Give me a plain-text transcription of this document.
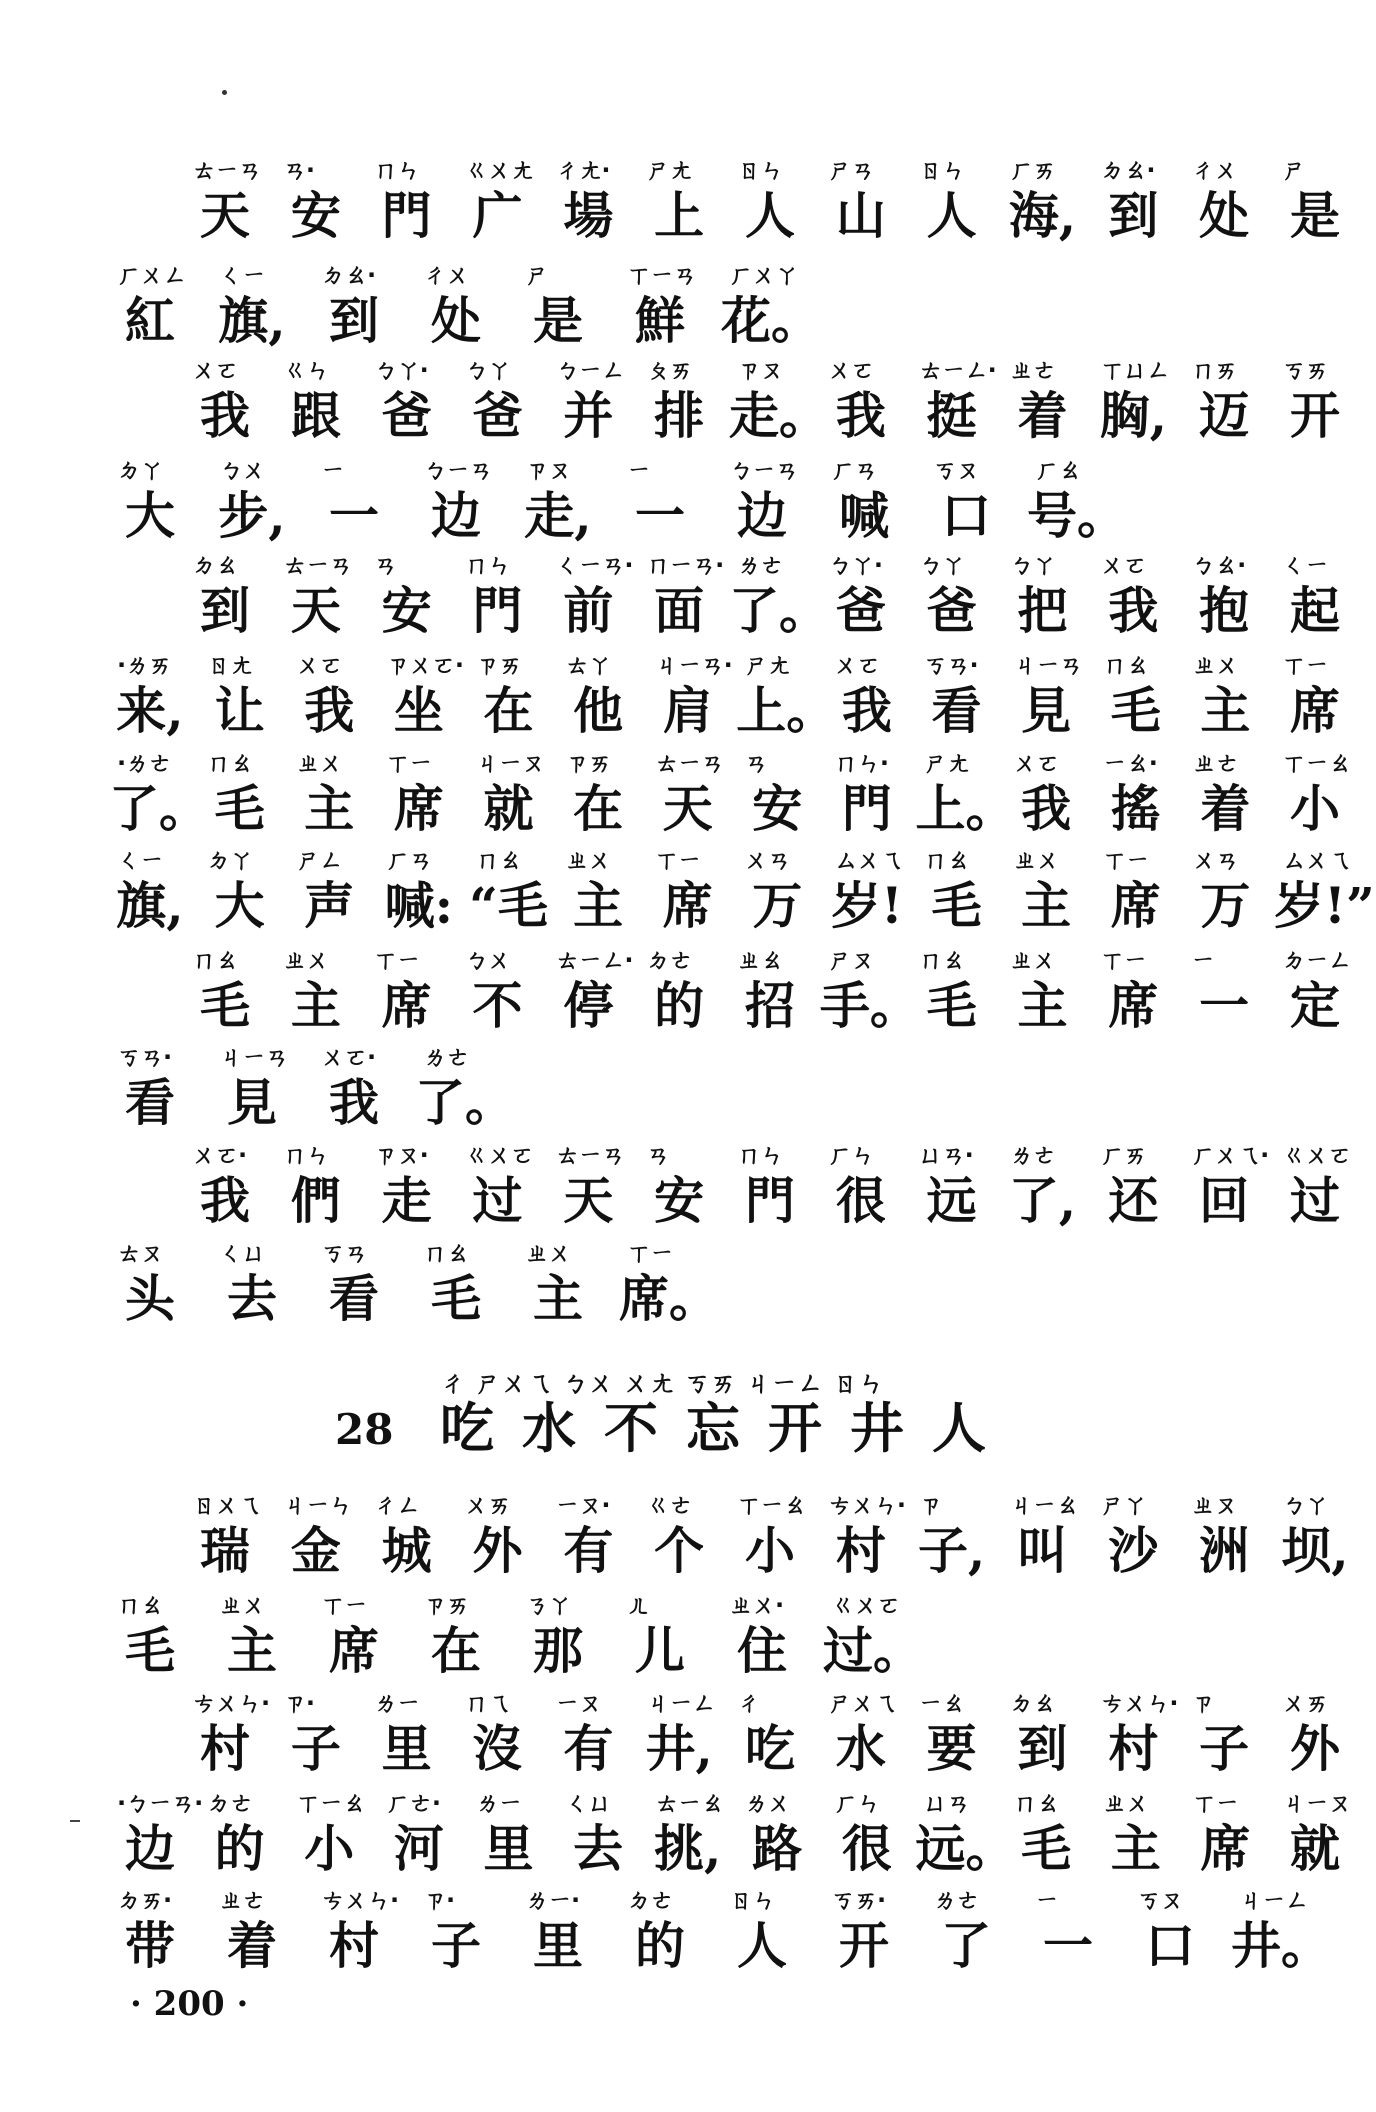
ㄊㄧㄢ
天
ㄢ·
安
ㄇㄣ
門
ㄍㄨㄤ
广
ㄔㄤ·
場
ㄕㄤ
上
ㄖㄣ
人
ㄕㄢ
山
ㄖㄣ
人
ㄏㄞ
海,
ㄉㄠ·
到
ㄔㄨ
处
ㄕ
是
ㄏㄨㄥ
紅
ㄑㄧ
旗,
ㄉㄠ·
到
ㄔㄨ
处
ㄕ
是
ㄒㄧㄢ
鮮
ㄏㄨㄚ
花。
ㄨㄛ
我
ㄍㄣ
跟
ㄅㄚ·
爸
ㄅㄚ
爸
ㄅㄧㄥ
并
ㄆㄞ
排
ㄗㄡ
走。
ㄨㄛ
我
ㄊㄧㄥ·
挺
ㄓㄜ
着
ㄒㄩㄥ
胸,
ㄇㄞ
迈
ㄎㄞ
开
ㄉㄚ
大
ㄅㄨ
步,
ㄧ
一
ㄅㄧㄢ
边
ㄗㄡ
走,
ㄧ
一
ㄅㄧㄢ
边
ㄏㄢ
喊
ㄎㄡ
口
ㄏㄠ
号。
ㄉㄠ
到
ㄊㄧㄢ
天
ㄢ
安
ㄇㄣ
門
ㄑㄧㄢ·
前
ㄇㄧㄢ·
面
ㄌㄜ
了。
ㄅㄚ·
爸
ㄅㄚ
爸
ㄅㄚ
把
ㄨㄛ
我
ㄅㄠ·
抱
ㄑㄧ
起
·ㄌㄞ
来,
ㄖㄤ
让
ㄨㄛ
我
ㄗㄨㄛ·
坐
ㄗㄞ
在
ㄊㄚ
他
ㄐㄧㄢ·
肩
ㄕㄤ
上。
ㄨㄛ
我
ㄎㄢ·
看
ㄐㄧㄢ
見
ㄇㄠ
毛
ㄓㄨ
主
ㄒㄧ
席
·ㄌㄜ
了。
ㄇㄠ
毛
ㄓㄨ
主
ㄒㄧ
席
ㄐㄧㄡ
就
ㄗㄞ
在
ㄊㄧㄢ
天
ㄢ
安
ㄇㄣ·
門
ㄕㄤ
上。
ㄨㄛ
我
ㄧㄠ·
搖
ㄓㄜ
着
ㄒㄧㄠ
小
ㄑㄧ
旗,
ㄉㄚ
大
ㄕㄥ
声
ㄏㄢ
喊:
ㄇㄠ
“毛
ㄓㄨ
主
ㄒㄧ
席
ㄨㄢ
万
ㄙㄨㄟ
岁!
ㄇㄠ
毛
ㄓㄨ
主
ㄒㄧ
席
ㄨㄢ
万
ㄙㄨㄟ
岁!”
ㄇㄠ
毛
ㄓㄨ
主
ㄒㄧ
席
ㄅㄨ
不
ㄊㄧㄥ·
停
ㄉㄜ
的
ㄓㄠ
招
ㄕㄡ
手。
ㄇㄠ
毛
ㄓㄨ
主
ㄒㄧ
席
ㄧ
一
ㄉㄧㄥ
定
ㄎㄢ·
看
ㄐㄧㄢ
見
ㄨㄛ·
我
ㄌㄜ
了。
ㄨㄛ·
我
ㄇㄣ
們
ㄗㄡ·
走
ㄍㄨㄛ
过
ㄊㄧㄢ
天
ㄢ
安
ㄇㄣ
門
ㄏㄣ
很
ㄩㄢ·
远
ㄌㄜ
了,
ㄏㄞ
还
ㄏㄨㄟ·
回
ㄍㄨㄛ
过
ㄊㄡ
头
ㄑㄩ
去
ㄎㄢ
看
ㄇㄠ
毛
ㄓㄨ
主
ㄒㄧ
席。
ㄖㄨㄟ
瑞
ㄐㄧㄣ
金
ㄔㄥ
城
ㄨㄞ
外
ㄧㄡ·
有
ㄍㄜ
个
ㄒㄧㄠ
小
ㄘㄨㄣ·
村
ㄗ
子,
ㄐㄧㄠ
叫
ㄕㄚ
沙
ㄓㄡ
洲
ㄅㄚ
坝,
ㄇㄠ
毛
ㄓㄨ
主
ㄒㄧ
席
ㄗㄞ
在
ㄋㄚ
那
ㄦ
儿
ㄓㄨ·
住
ㄍㄨㄛ
过。
ㄘㄨㄣ·
村
ㄗ·
子
ㄌㄧ
里
ㄇㄟ
沒
ㄧㄡ
有
ㄐㄧㄥ
井,
ㄔ
吃
ㄕㄨㄟ
水
ㄧㄠ
要
ㄉㄠ
到
ㄘㄨㄣ·
村
ㄗ
子
ㄨㄞ
外
·ㄅㄧㄢ·
边
ㄉㄜ
的
ㄒㄧㄠ
小
ㄏㄜ·
河
ㄌㄧ
里
ㄑㄩ
去
ㄊㄧㄠ
挑,
ㄌㄨ
路
ㄏㄣ
很
ㄩㄢ
远。
ㄇㄠ
毛
ㄓㄨ
主
ㄒㄧ
席
ㄐㄧㄡ
就
ㄉㄞ·
带
ㄓㄜ
着
ㄘㄨㄣ·
村
ㄗ·
子
ㄌㄧ·
里
ㄉㄜ
的
ㄖㄣ
人
ㄎㄞ·
开
ㄌㄜ
了
ㄧ
一
ㄎㄡ
口
ㄐㄧㄥ
井。
ㄔ ㄕㄨㄟ ㄅㄨ ㄨㄤ ㄎㄞ ㄐㄧㄥ ㄖㄣ
28 吃水不忘开井人
· 200 ·
